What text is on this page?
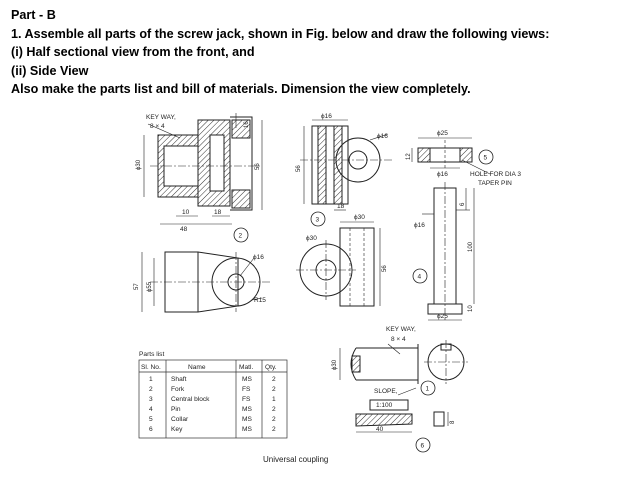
Part - B
1. Assemble all parts of the screw jack, shown in Fig. below and draw the following views:
(i) Half sectional view from the front, and
(ii) Side View
Also make the parts list and bill of materials. Dimension the view completely.
KEY WAY,
8 × 4
ϕ30
16
56
10	18
48
2
ϕ16
R15
57 ϕ55
ϕ16
ϕ16
56
18
3	ϕ30
ϕ30
56
ϕ25
12
ϕ16	HOLE FOR DIA 3
TAPER PIN
5
ϕ16
6
100
10
ϕ25
4
KEY WAY,
8 × 4
ϕ30
1
SLOPE,
1:100
40
8
6
Parts list
Sl. No.	Name	Matl. Qty.
1	Shaft	MS	2
2	Fork	FS	2
3	Central block	FS	1
4	Pin	MS	2
5	Collar	MS	2
6	Key	MS	2
Universal coupling
